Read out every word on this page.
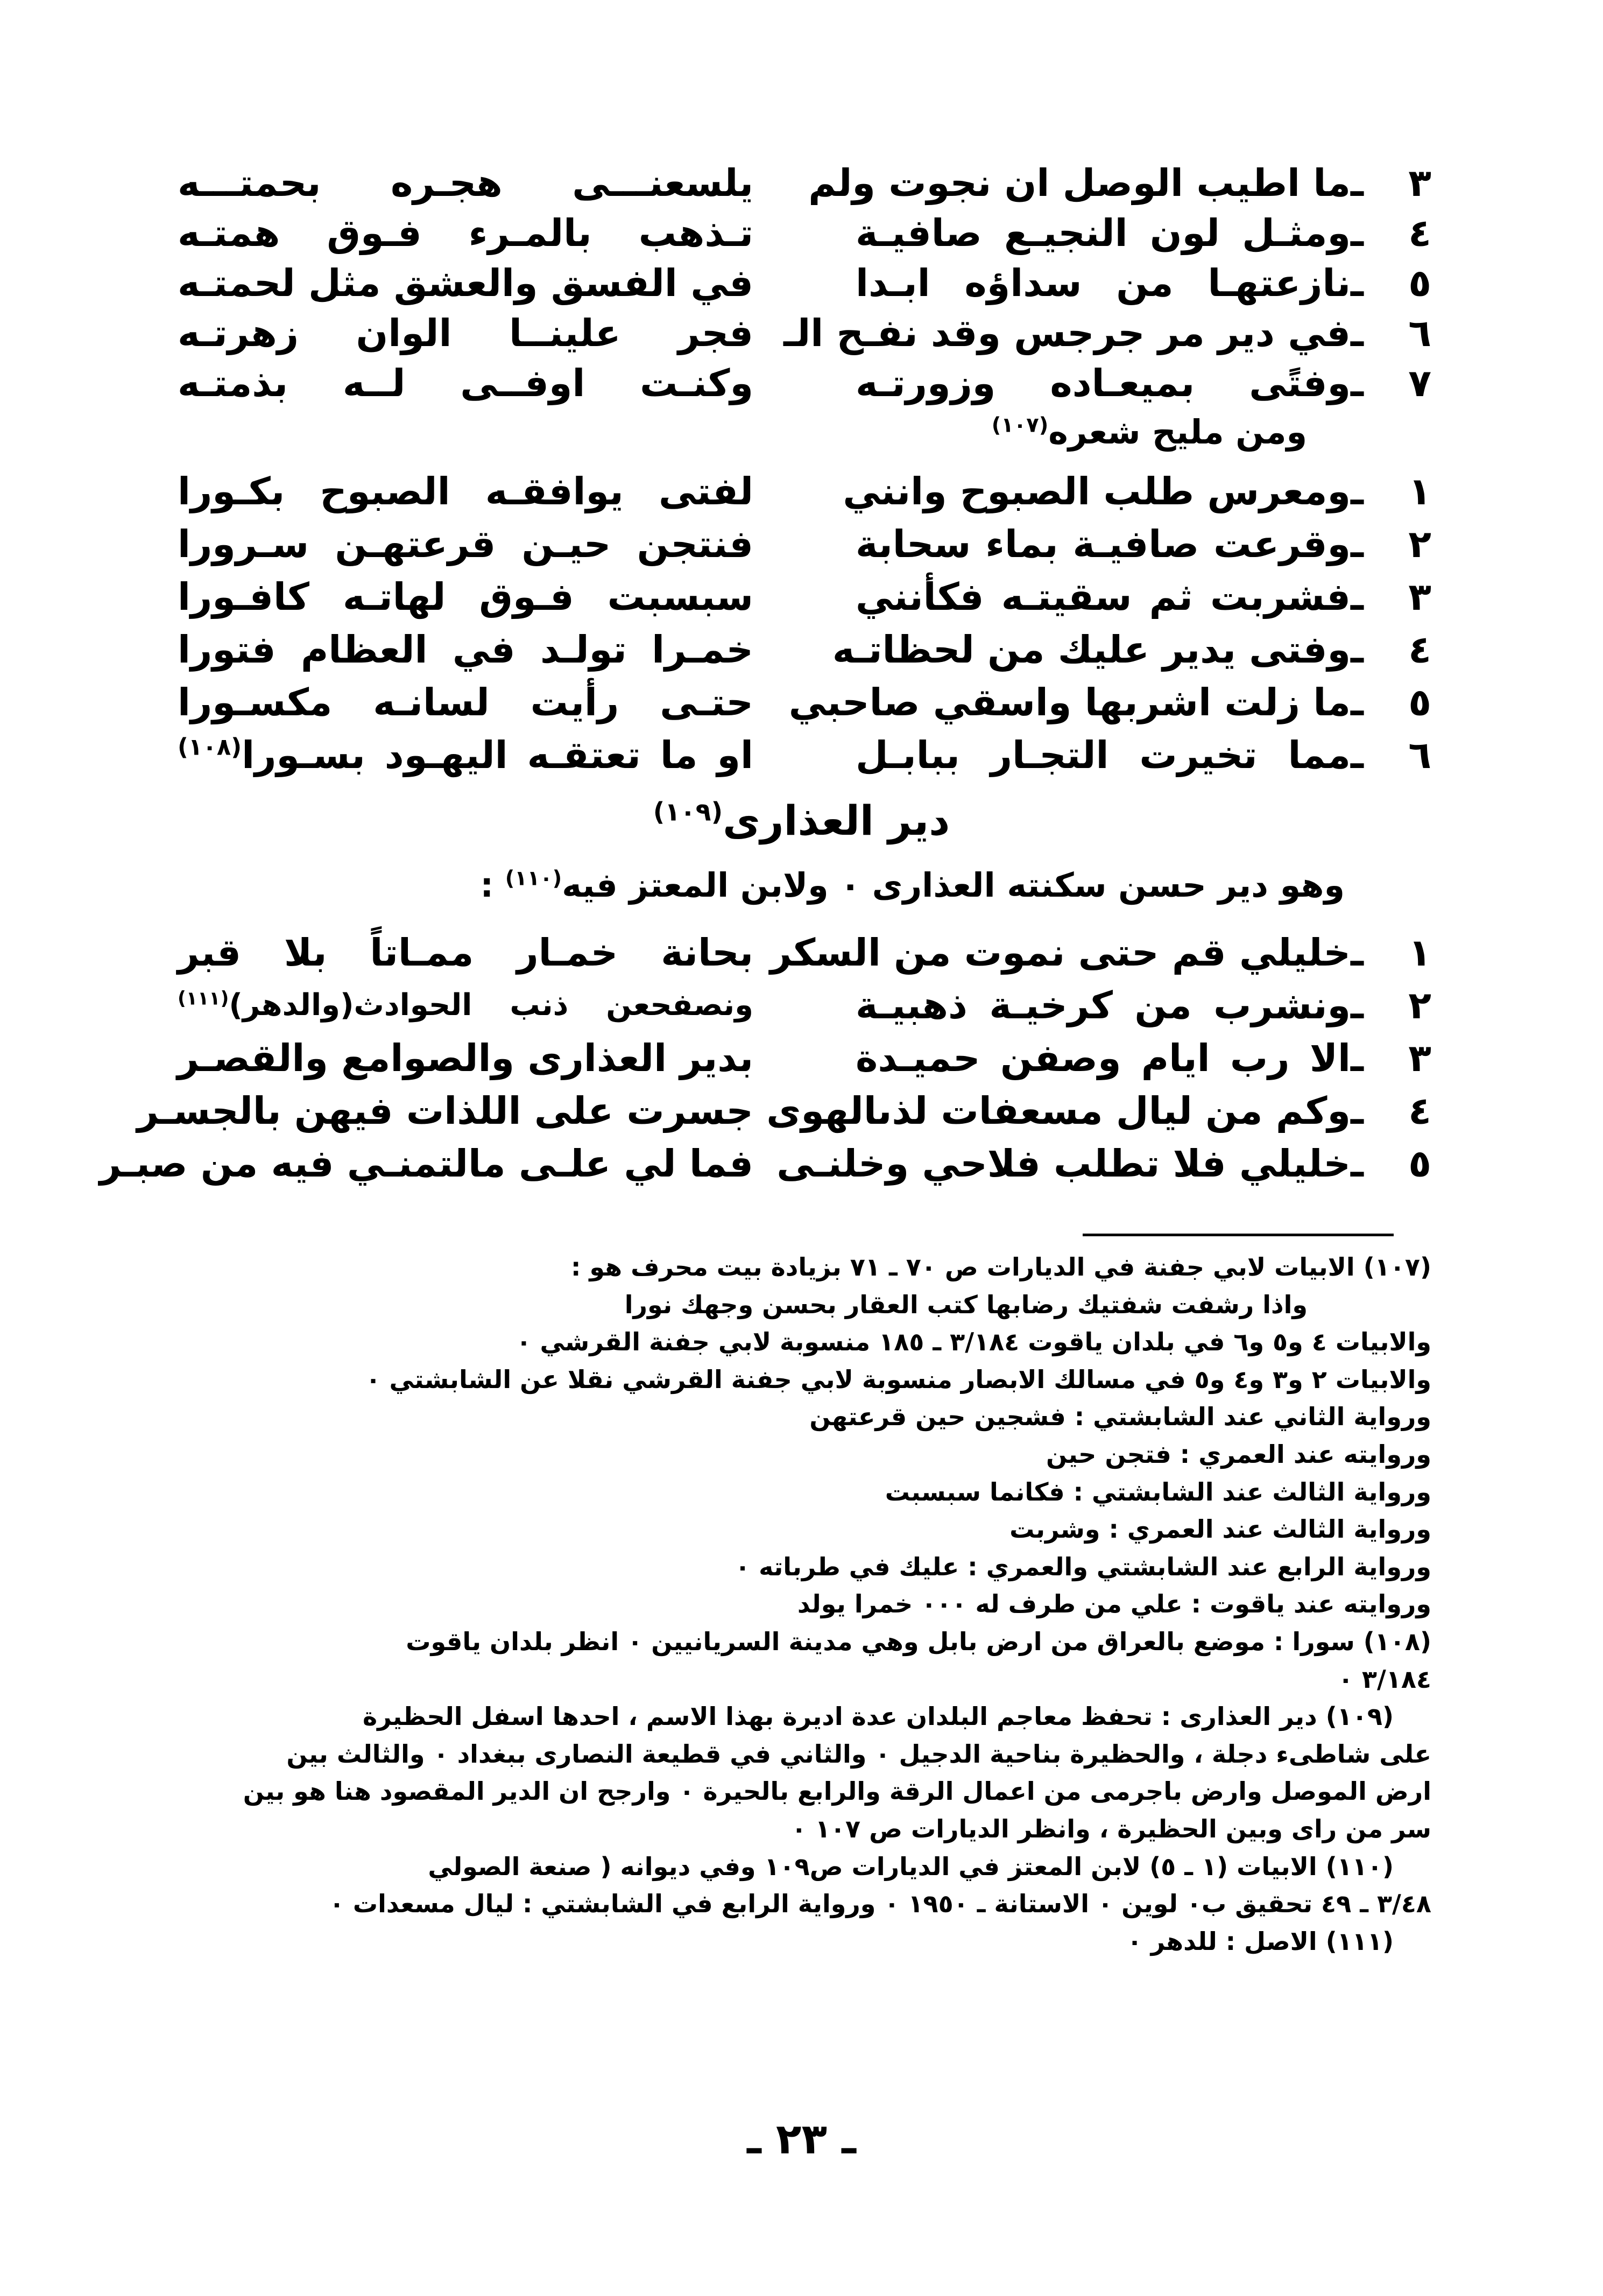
٣ ـما اطيب الوصل ان نجوت ولم
يلسعنـــى هجـره بحمتـــه
٤ ـومثـل لون النجيـع صافيـة
تـذهب بالمـرء فـوق همتـه
٥ ـنازعتهـا من سداؤه ابـدا
في الفسق والعشق مثل لحمتـه
٦ ـفي دير مر جرجس وقد نفـح الـ
فجر علينــا الوان زهرتـه
٧ ـوفتًى بميعـاده وزورتـه
وكنـت اوفــى لــه بذمتـه
ومن مليح شعره$^{(١٠٧)}$
١ ـومعرس طلب الصبوح وانني
لفتى يوافقـه الصبوح بكـورا
٢ ـوقرعت صافيـة بماء سحابة
فنتجن حيـن قرعتهـن سـرورا
٣ ـفشربت ثم سقيتـه فكأنني
سبسبت فـوق لهاتـه كافـورا
٤ ـوفتى يدير عليك من لحظاتـه
خمـرا تولـد في العظام فتورا
٥ ـما زلت اشربها واسقي صاحبي
حتـى رأيت لسانـه مكسـورا
٦ ـمما تخيرت التجـار ببابـل
او ما تعتقـه اليهـود بسـورا$^{(١٠٨)}$
دير العذارى$^{(١٠٩)}$
وهو دير حسن سكنته العذارى ٠ ولابن المعتز فيه$^{(١١٠)}$ :
١ ـخليلي قم حتى نموت من السكر
بحانة خمـار ممـاتاً بلا قبر
٢ ـونشرب من كرخيـة ذهبيـة
ونصفحعن ذنب الحوادث(والدهر)$^{(١١١)}$
٣ ـالا رب ايام وصفن حميـدة
بدير العذارى والصوامع والقصـر
٤ ـوكم من ليال مسعفات لذىالهوى
جسرت على اللذات فيهن بالجسـر
٥ ـخليلي فلا تطلب فلاحي وخلنـى
فما لي علـى مالتمنـي فيه من صبـر

(١٠٧) الابيات لابي جفنة في الديارات ص ٧٠ ـ ٧١ بزيادة بيت محرف هو :

واذا رشفت شفتيك رضابها كتب العقار بحسن وجهك نورا

والابيات ٤ و٥ و٦ في بلدان ياقوت ٣/١٨٤ ـ ١٨٥ منسوبة لابي جفنة القرشي ٠

والابيات ٢ و٣ و٤ و٥ في مسالك الابصار منسوبة لابي جفنة القرشي نقلا عن الشابشتي ٠

ورواية الثاني عند الشابشتي : فشجين حين قرعتهن

وروايته عند العمري : فتجن حين

ورواية الثالث عند الشابشتي : فكانما سبسبت

ورواية الثالث عند العمري : وشربت

ورواية الرابع عند الشابشتي والعمري : عليك في طرباته ٠

وروايته عند ياقوت : علي من طرف له ٠٠٠ خمرا يولد

(١٠٨) سورا : موضع بالعراق من ارض بابل وهي مدينة السريانيين ٠ انظر بلدان ياقوت

٣/١٨٤ ٠

(١٠٩) دير العذارى : تحفظ معاجم البلدان عدة اديرة بهذا الاسم ، احدها اسفل الحظيرة

على شاطىء دجلة ، والحظيرة بناحية الدجيل ٠ والثاني في قطيعة النصارى ببغداد ٠ والثالث بين

ارض الموصل وارض باجرمى من اعمال الرقة والرابع بالحيرة ٠ وارجح ان الدير المقصود هنا هو بين

سر من راى وبين الحظيرة ، وانظر الديارات ص ١٠٧ ٠

(١١٠) الابيات (١ ـ ٥) لابن المعتز في الديارات ص١٠٩ وفي ديوانه ( صنعة الصولي

٣/٤٨ ـ ٤٩ تحقيق ب٠ لوين ٠ الاستانة ـ ١٩٥٠ ٠ ورواية الرابع في الشابشتي : ليال مسعدات ٠

(١١١) الاصل : للدهر ٠

ـ ٢٣ ـ
